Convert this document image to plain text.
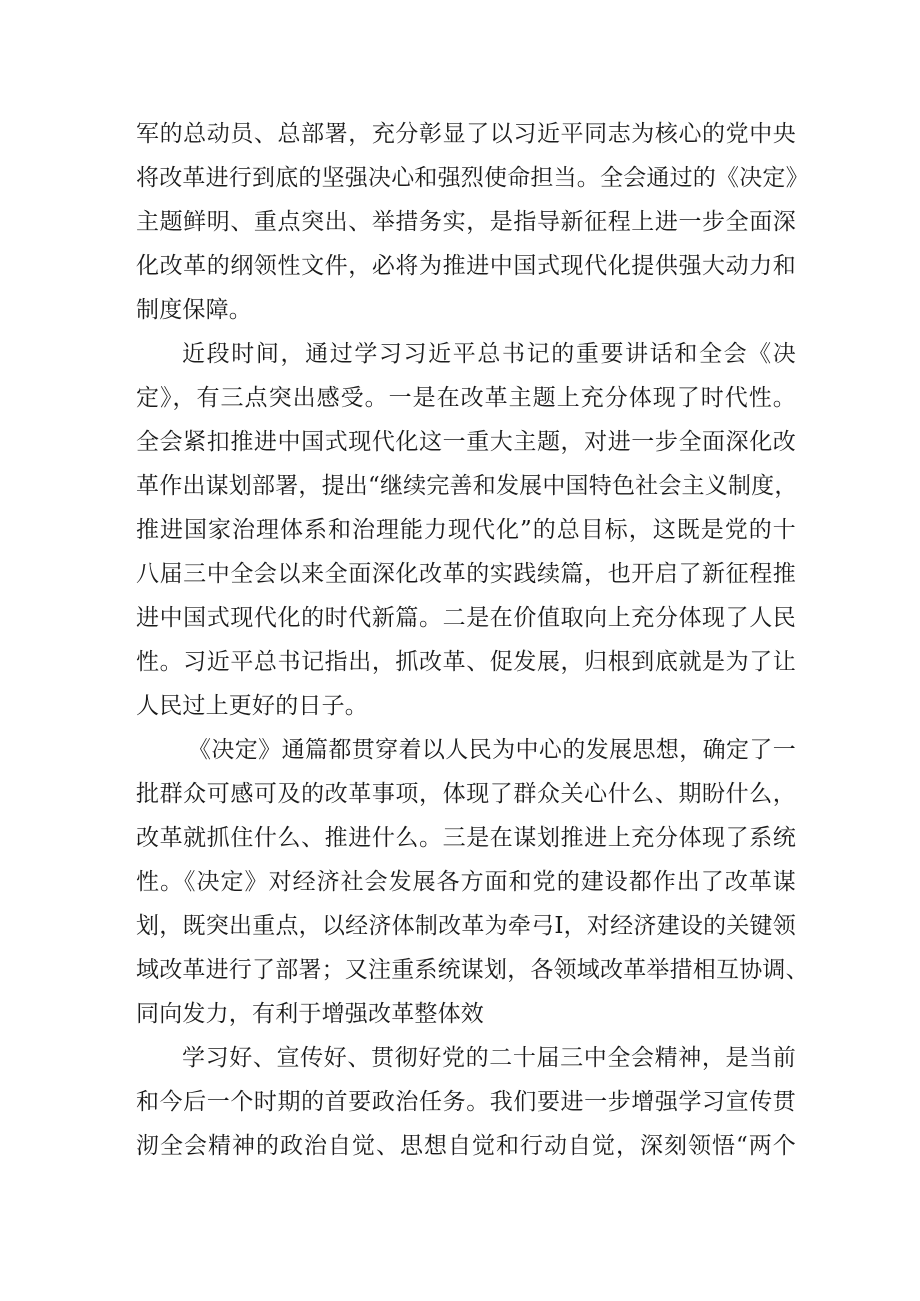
军的总动员、总部署，充分彰显了以习近平同志为核心的党中央
将改革进行到底的坚强决心和强烈使命担当。全会通过的《决定》
主题鲜明、重点突出、举措务实，是指导新征程上进一步全面深
化改革的纲领性文件，必将为推进中国式现代化提供强大动力和
制度保障。
近段时间，通过学习习近平总书记的重要讲话和全会《决
定》，有三点突出感受。一是在改革主题上充分体现了时代性。
全会紧扣推进中国式现代化这一重大主题，对进一步全面深化改
革作出谋划部署，提出“继续完善和发展中国特色社会主义制度，
推进国家治理体系和治理能力现代化”的总目标，这既是党的十
八届三中全会以来全面深化改革的实践续篇，也开启了新征程推
进中国式现代化的时代新篇。二是在价值取向上充分体现了人民
性。习近平总书记指出，抓改革、促发展，归根到底就是为了让
人民过上更好的日子。
《决定》通篇都贯穿着以人民为中心的发展思想，确定了一
批群众可感可及的改革事项，体现了群众关心什么、期盼什么，
改革就抓住什么、推进什么。三是在谋划推进上充分体现了系统
性。《决定》对经济社会发展各方面和党的建设都作出了改革谋
划，既突出重点，以经济体制改革为牵弓I，对经济建设的关键领
域改革进行了部署；又注重系统谋划，各领域改革举措相互协调、
同向发力，有利于增强改革整体效
学习好、宣传好、贯彻好党的二十届三中全会精神，是当前
和今后一个时期的首要政治任务。我们要进一步增强学习宣传贯
沏全会精神的政治自觉、思想自觉和行动自觉，深刻领悟“两个
